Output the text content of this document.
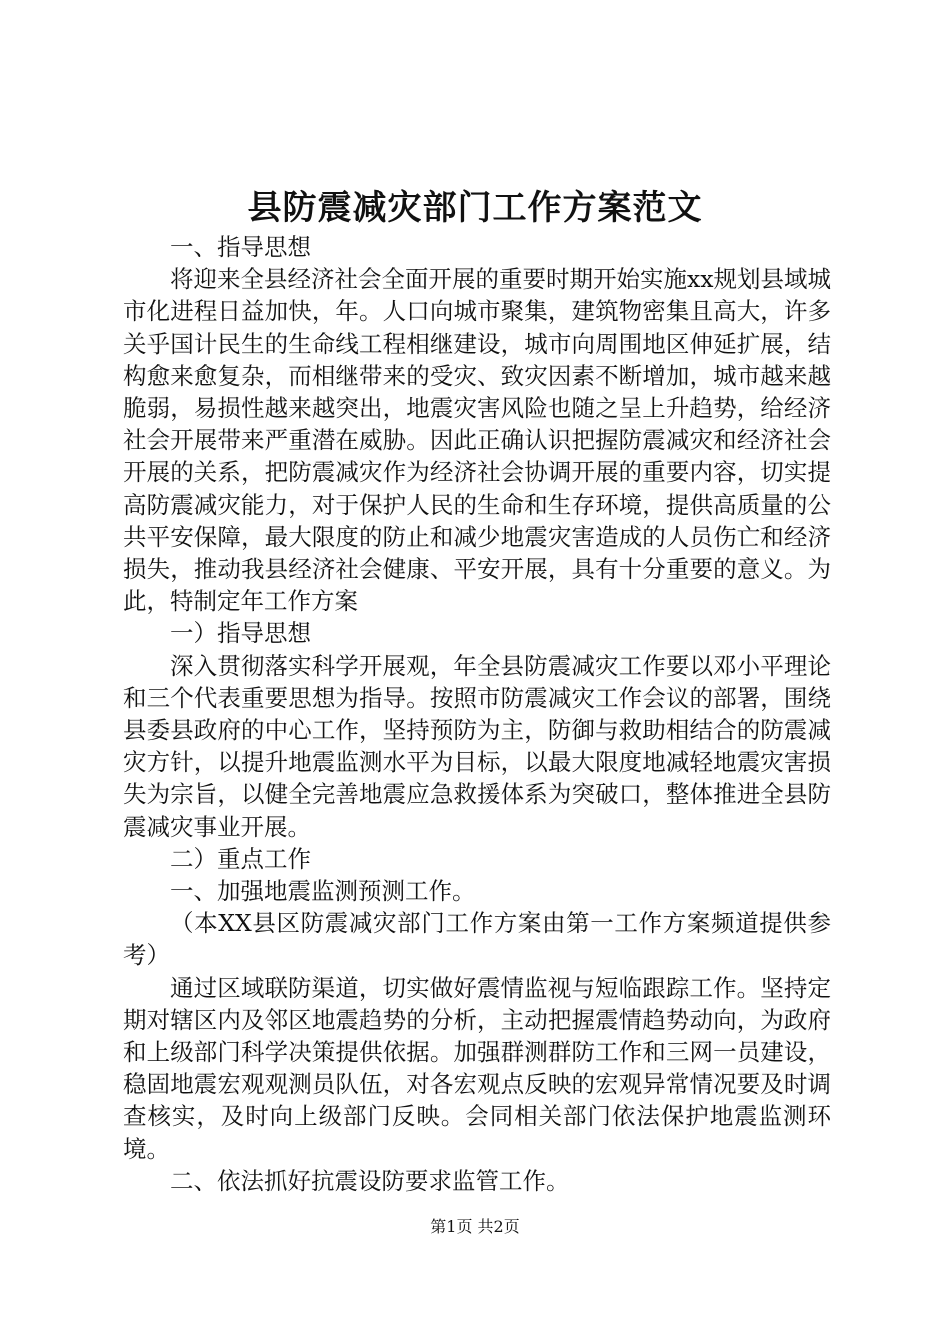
县防震减灾部门工作方案范文

一、指导思想

将迎来全县经济社会全面开展的重要时期开始实施xx规划县域城市化进程日益加快，年。人口向城市聚集，建筑物密集且高大，许多关乎国计民生的生命线工程相继建设，城市向周围地区伸延扩展，结构愈来愈复杂，而相继带来的受灾、致灾因素不断增加，城市越来越脆弱，易损性越来越突出，地震灾害风险也随之呈上升趋势，给经济社会开展带来严重潜在威胁。因此正确认识把握防震减灾和经济社会开展的关系，把防震减灾作为经济社会协调开展的重要内容，切实提高防震减灾能力，对于保护人民的生命和生存环境，提供高质量的公共平安保障，最大限度的防止和减少地震灾害造成的人员伤亡和经济损失，推动我县经济社会健康、平安开展，具有十分重要的意义。为此，特制定年工作方案

一）指导思想

深入贯彻落实科学开展观，年全县防震减灾工作要以邓小平理论和三个代表重要思想为指导。按照市防震减灾工作会议的部署，围绕县委县政府的中心工作，坚持预防为主，防御与救助相结合的防震减灾方针，以提升地震监测水平为目标，以最大限度地减轻地震灾害损失为宗旨，以健全完善地震应急救援体系为突破口，整体推进全县防震减灾事业开展。

二）重点工作

一、加强地震监测预测工作。

（本XX县区防震减灾部门工作方案由第一工作方案频道提供参考）

通过区域联防渠道，切实做好震情监视与短临跟踪工作。坚持定期对辖区内及邻区地震趋势的分析，主动把握震情趋势动向，为政府和上级部门科学决策提供依据。加强群测群防工作和三网一员建设，稳固地震宏观观测员队伍，对各宏观点反映的宏观异常情况要及时调查核实，及时向上级部门反映。会同相关部门依法保护地震监测环境。

二、依法抓好抗震设防要求监管工作。

第1页 共2页
